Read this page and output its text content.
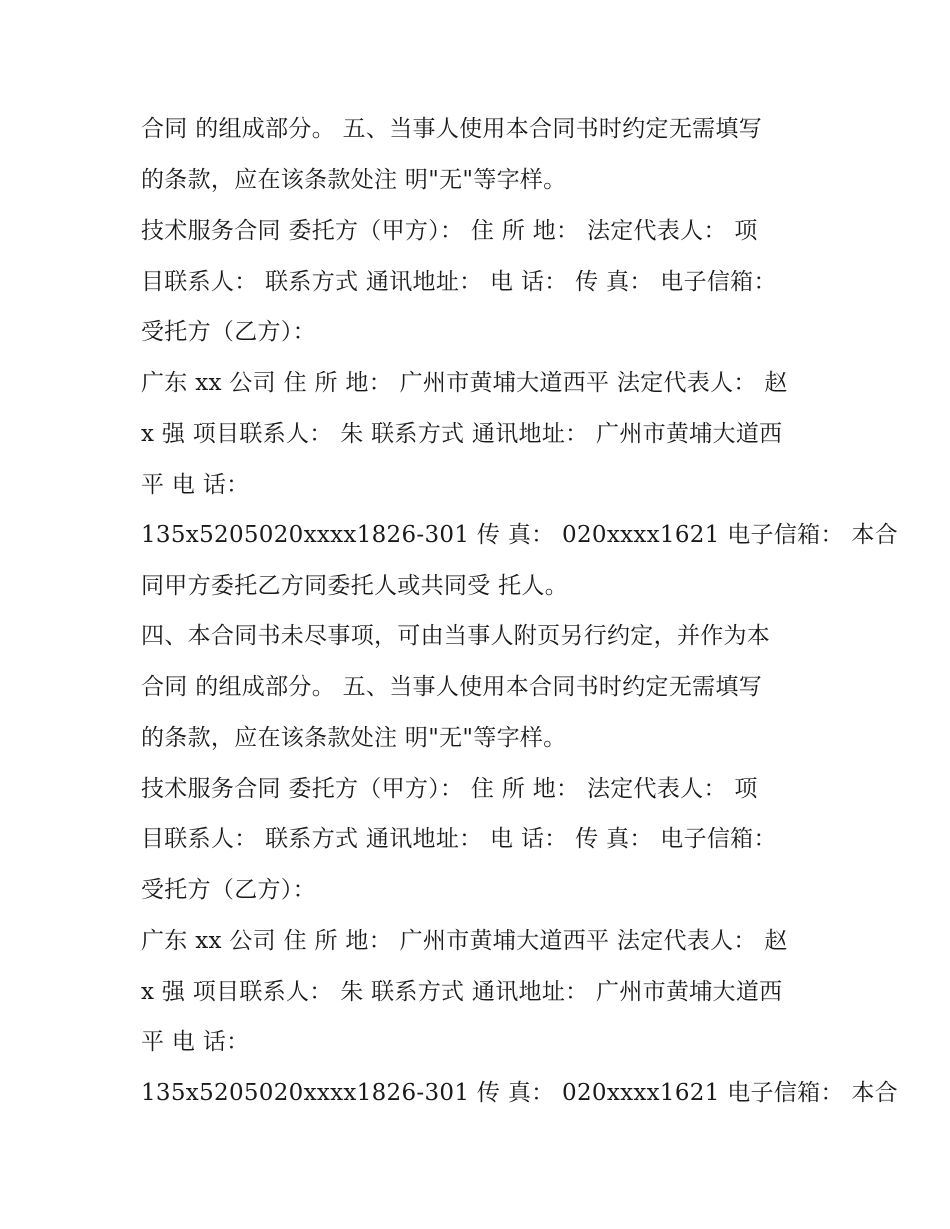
合同 的组成部分。 五、当事人使用本合同书时约定无需填写
的条款，应在该条款处注 明"无"等字样。
技术服务合同 委托方（甲方）： 住 所 地： 法定代表人： 项
目联系人： 联系方式 通讯地址： 电 话： 传 真： 电子信箱：
受托方（乙方）：
广东 xx 公司 住 所 地： 广州市黄埔大道西平 法定代表人： 赵
x 强 项目联系人： 朱 联系方式 通讯地址： 广州市黄埔大道西
平 电 话：
135x5205020xxxx1826-301 传 真： 020xxxx1621 电子信箱： 本合
同甲方委托乙方同委托人或共同受 托人。
四、本合同书未尽事项，可由当事人附页另行约定，并作为本
合同 的组成部分。 五、当事人使用本合同书时约定无需填写
的条款，应在该条款处注 明"无"等字样。
技术服务合同 委托方（甲方）： 住 所 地： 法定代表人： 项
目联系人： 联系方式 通讯地址： 电 话： 传 真： 电子信箱：
受托方（乙方）：
广东 xx 公司 住 所 地： 广州市黄埔大道西平 法定代表人： 赵
x 强 项目联系人： 朱 联系方式 通讯地址： 广州市黄埔大道西
平 电 话：
135x5205020xxxx1826-301 传 真： 020xxxx1621 电子信箱： 本合
